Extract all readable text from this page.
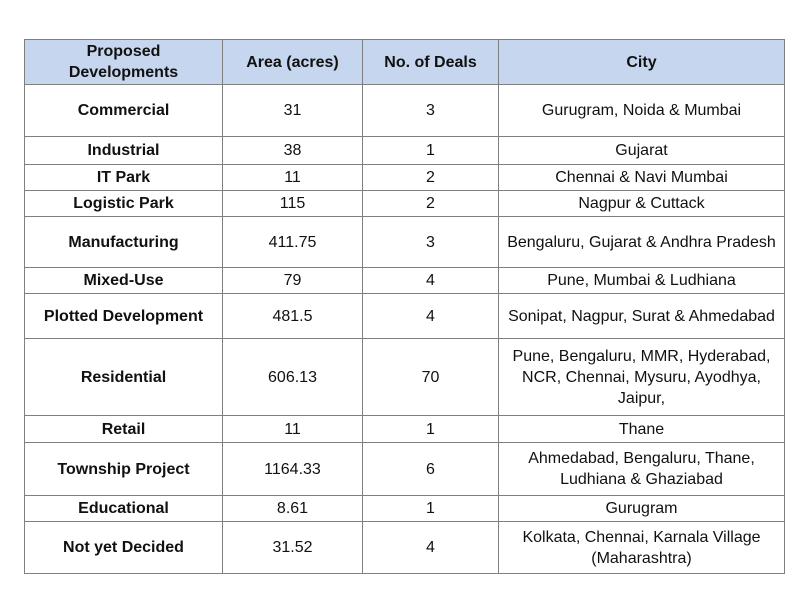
Proposed Developments	Area (acres)	No. of Deals	City
Commercial	31	3	Gurugram, Noida & Mumbai
Industrial	38	1	Gujarat
IT Park	11	2	Chennai & Navi Mumbai
Logistic Park	115	2	Nagpur & Cuttack
Manufacturing	411.75	3	Bengaluru, Gujarat & Andhra Pradesh
Mixed-Use	79	4	Pune, Mumbai & Ludhiana
Plotted Development	481.5	4	Sonipat, Nagpur, Surat & Ahmedabad
Residential	606.13	70	Pune, Bengaluru, MMR, Hyderabad, NCR, Chennai, Mysuru, Ayodhya, Jaipur,
Retail	11	1	Thane
Township Project	1164.33	6	Ahmedabad, Bengaluru, Thane, Ludhiana & Ghaziabad
Educational	8.61	1	Gurugram
Not yet Decided	31.52	4	Kolkata, Chennai, Karnala Village (Maharashtra)
